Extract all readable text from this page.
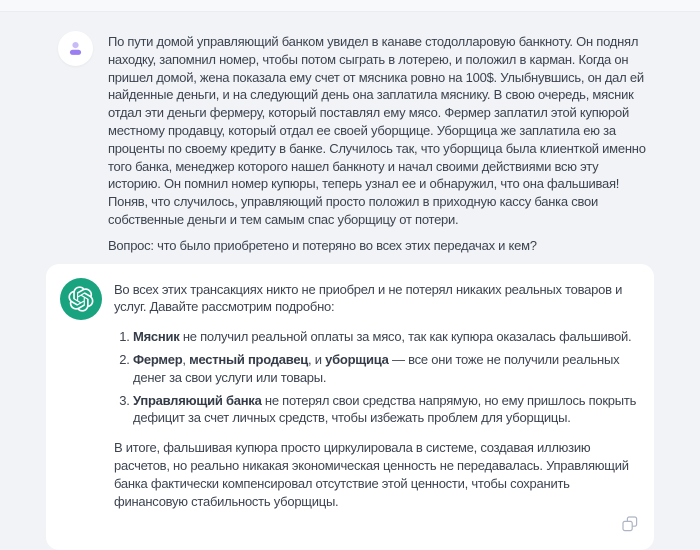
По пути домой управляющий банком увидел в канаве стодолларовую банкноту. Он поднял находку, запомнил номер, чтобы потом сыграть в лотерею, и положил в карман. Когда он пришел домой, жена показала ему счет от мясника ровно на 100$. Улыбнувшись, он дал ей найденные деньги, и на следующий день она заплатила мяснику. В свою очередь, мясник отдал эти деньги фермеру, который поставлял ему мясо. Фермер заплатил этой купюрой местному продавцу, который отдал ее своей уборщице. Уборщица же заплатила ею за проценты по своему кредиту в банке. Случилось так, что уборщица была клиенткой именно того банка, менеджер которого нашел банкноту и начал своими действиями всю эту историю. Он помнил номер купюры, теперь узнал ее и обнаружил, что она фальшивая! Поняв, что случилось, управляющий просто положил в приходную кассу банка свои собственные деньги и тем самым спас уборщицу от потери.

Вопрос: что было приобретено и потеряно во всех этих передачах и кем?

Во всех этих трансакциях никто не приобрел и не потерял никаких реальных товаров и услуг. Давайте рассмотрим подробно:

1. Мясник не получил реальной оплаты за мясо, так как купюра оказалась фальшивой.
2. Фермер, местный продавец, и уборщица — все они тоже не получили реальных денег за свои услуги или товары.
3. Управляющий банка не потерял свои средства напрямую, но ему пришлось покрыть дефицит за счет личных средств, чтобы избежать проблем для уборщицы.

В итоге, фальшивая купюра просто циркулировала в системе, создавая иллюзию расчетов, но реально никакая экономическая ценность не передавалась. Управляющий банка фактически компенсировал отсутствие этой ценности, чтобы сохранить финансовую стабильность уборщицы.
